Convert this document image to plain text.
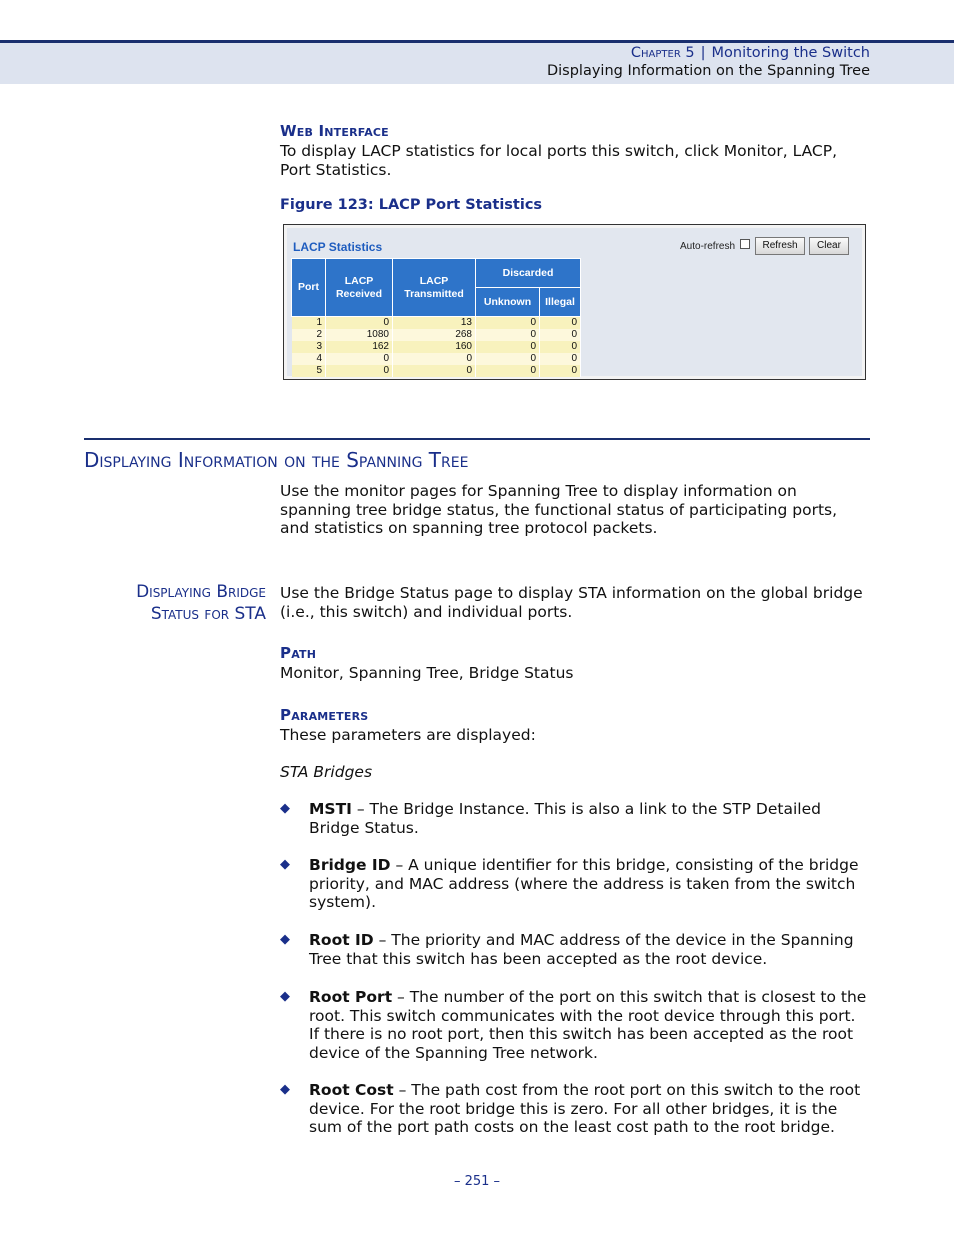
Chapter 5 | Monitoring the Switch
Displaying Information on the Spanning Tree
Web Interface
To display LACP statistics for local ports this switch, click Monitor, LACP, Port Statistics.
Figure 123: LACP Port Statistics
LACP Statistics	Auto-refresh	Refresh	Clear
Port	LACP Received	LACP Transmitted	Discarded	
			Unknown	Illegal
1	0	13	0	0
2	1080	268	0	0
3	162	160	0	0
4	0	0	0	0
5	0	0	0	0
Displaying Information on the Spanning Tree
Use the monitor pages for Spanning Tree to display information on spanning tree bridge status, the functional status of participating ports, and statistics on spanning tree protocol packets.
Displaying Bridge
Status for STA
Use the Bridge Status page to display STA information on the global bridge (i.e., this switch) and individual ports.
Path
Monitor, Spanning Tree, Bridge Status
Parameters
These parameters are displayed:
STA Bridges
◆ MSTI – The Bridge Instance. This is also a link to the STP Detailed Bridge Status.
◆ Bridge ID – A unique identifier for this bridge, consisting of the bridge priority, and MAC address (where the address is taken from the switch system).
◆ Root ID – The priority and MAC address of the device in the Spanning Tree that this switch has been accepted as the root device.
◆ Root Port – The number of the port on this switch that is closest to the root. This switch communicates with the root device through this port. If there is no root port, then this switch has been accepted as the root device of the Spanning Tree network.
◆ Root Cost – The path cost from the root port on this switch to the root device. For the root bridge this is zero. For all other bridges, it is the sum of the port path costs on the least cost path to the root bridge.
– 251 –
